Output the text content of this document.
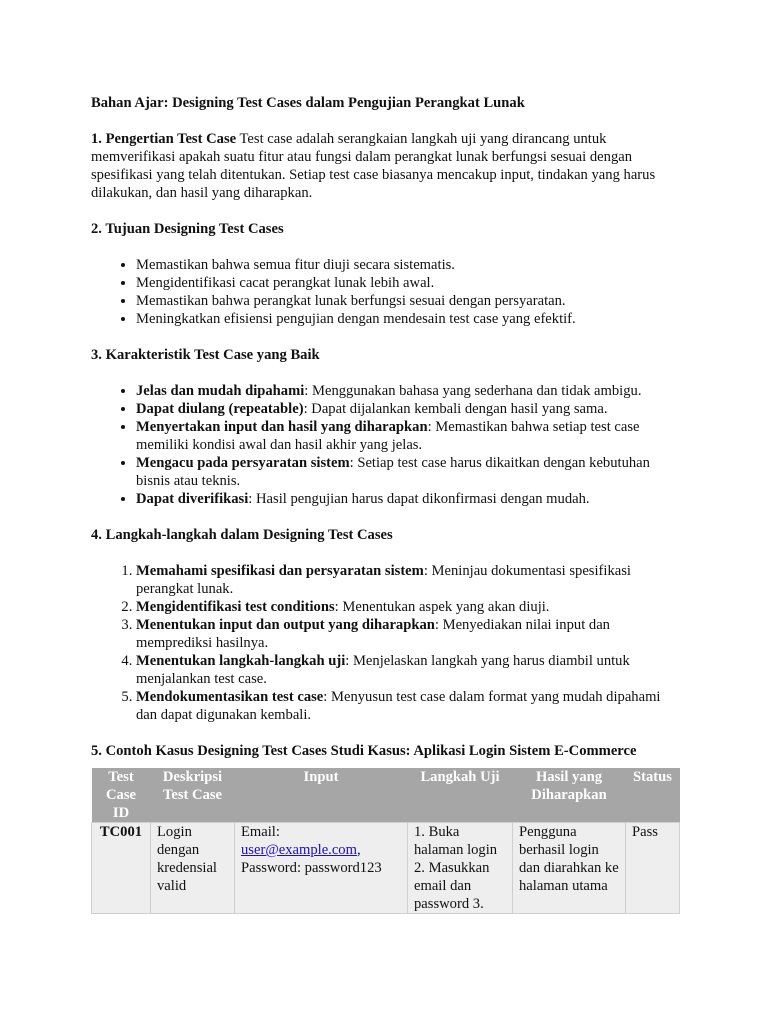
Bahan Ajar: Designing Test Cases dalam Pengujian Perangkat Lunak

1. Pengertian Test Case Test case adalah serangkaian langkah uji yang dirancang untuk memverifikasi apakah suatu fitur atau fungsi dalam perangkat lunak berfungsi sesuai dengan spesifikasi yang telah ditentukan. Setiap test case biasanya mencakup input, tindakan yang harus dilakukan, dan hasil yang diharapkan.

2. Tujuan Designing Test Cases
• Memastikan bahwa semua fitur diuji secara sistematis.
• Mengidentifikasi cacat perangkat lunak lebih awal.
• Memastikan bahwa perangkat lunak berfungsi sesuai dengan persyaratan.
• Meningkatkan efisiensi pengujian dengan mendesain test case yang efektif.
3. Karakteristik Test Case yang Baik
• Jelas dan mudah dipahami: Menggunakan bahasa yang sederhana dan tidak ambigu.
• Dapat diulang (repeatable): Dapat dijalankan kembali dengan hasil yang sama.
• Menyertakan input dan hasil yang diharapkan: Memastikan bahwa setiap test case memiliki kondisi awal dan hasil akhir yang jelas.
• Mengacu pada persyaratan sistem: Setiap test case harus dikaitkan dengan kebutuhan bisnis atau teknis.
• Dapat diverifikasi: Hasil pengujian harus dapat dikonfirmasi dengan mudah.
4. Langkah-langkah dalam Designing Test Cases
1. Memahami spesifikasi dan persyaratan sistem: Meninjau dokumentasi spesifikasi perangkat lunak.
2. Mengidentifikasi test conditions: Menentukan aspek yang akan diuji.
3. Menentukan input dan output yang diharapkan: Menyediakan nilai input dan memprediksi hasilnya.
4. Menentukan langkah-langkah uji: Menjelaskan langkah yang harus diambil untuk menjalankan test case.
5. Mendokumentasikan test case: Menyusun test case dalam format yang mudah dipahami dan dapat digunakan kembali.
5. Contoh Kasus Designing Test Cases Studi Kasus: Aplikasi Login Sistem E-Commerce
Test Case ID	Deskripsi Test Case	Input	Langkah Uji	Hasil yang Diharapkan	Status
TC001	Login dengan kredensial valid	Email:
user@example.com, Password: password123	1. Buka halaman login 2. Masukkan email dan password 3.	Pengguna berhasil login dan diarahkan ke halaman utama	Pass
